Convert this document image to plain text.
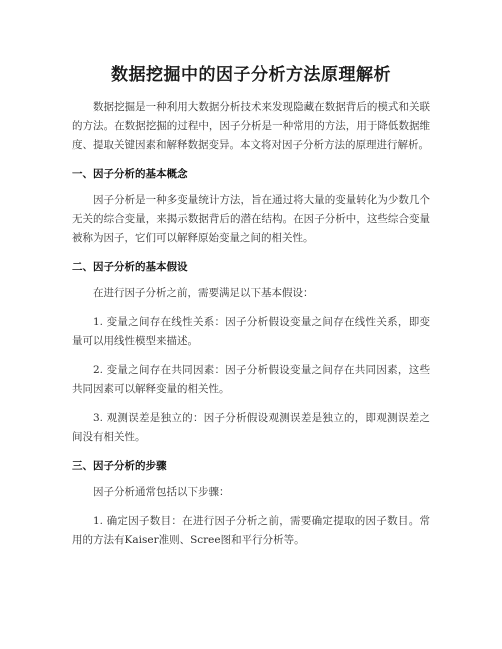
数据挖掘中的因子分析方法原理解析

数据挖掘是一种利用大数据分析技术来发现隐藏在数据背后的模式和关联的方法。在数据挖掘的过程中，因子分析是一种常用的方法，用于降低数据维度、提取关键因素和解释数据变异。本文将对因子分析方法的原理进行解析。

一、因子分析的基本概念

因子分析是一种多变量统计方法，旨在通过将大量的变量转化为少数几个无关的综合变量，来揭示数据背后的潜在结构。在因子分析中，这些综合变量被称为因子，它们可以解释原始变量之间的相关性。

二、因子分析的基本假设

在进行因子分析之前，需要满足以下基本假设：

1. 变量之间存在线性关系：因子分析假设变量之间存在线性关系，即变量可以用线性模型来描述。

2. 变量之间存在共同因素：因子分析假设变量之间存在共同因素，这些共同因素可以解释变量的相关性。

3. 观测误差是独立的：因子分析假设观测误差是独立的，即观测误差之间没有相关性。

三、因子分析的步骤

因子分析通常包括以下步骤：

1. 确定因子数目：在进行因子分析之前，需要确定提取的因子数目。常用的方法有Kaiser准则、Scree图和平行分析等。
